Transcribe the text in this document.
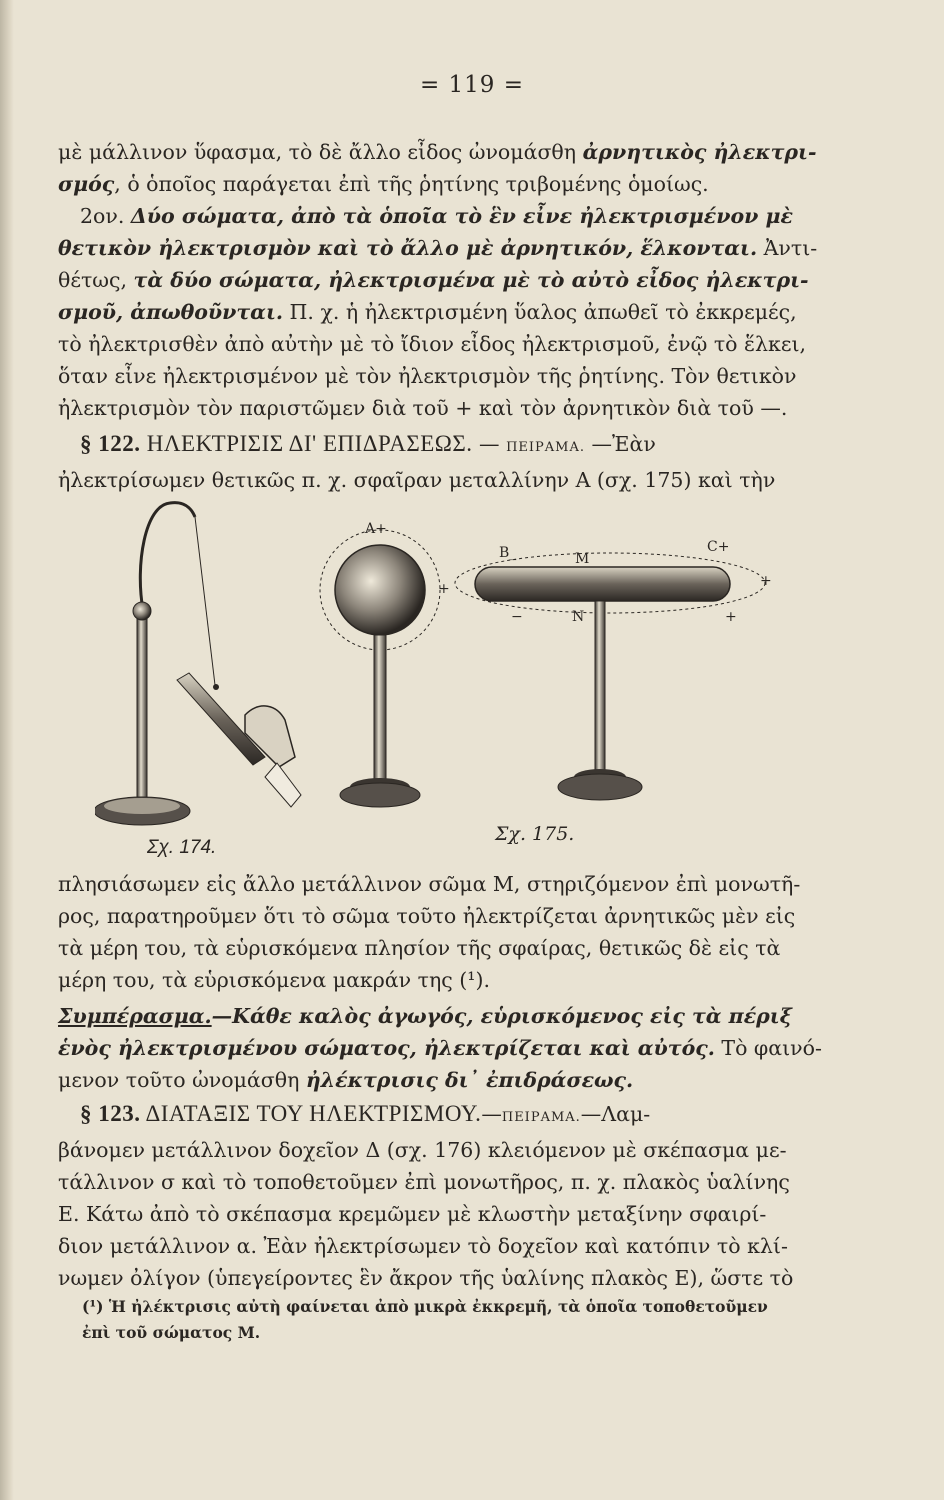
= 119 =
μὲ μάλλινον ὕφασμα, τὸ δὲ ἄλλο εἶδος ὠνομάσθη ἀρνητικὸς ἠλεκτρι-
σμός, ὁ ὁποῖος παράγεται ἐπὶ τῆς ῥητίνης τριβομένης ὁμοίως.
2ον. Δύο σώματα, ἀπὸ τὰ ὁποῖα τὸ ἓν εἶνε ἠλεκτρισμένον μὲ
θετικὸν ἠλεκτρισμὸν καὶ τὸ ἄλλο μὲ ἀρνητικόν, ἕλκονται. Ἀντι-
θέτως, τὰ δύο σώματα, ἠλεκτρισμένα μὲ τὸ αὐτὸ εἶδος ἠλεκτρι-
σμοῦ, ἀπωθοῦνται. Π. χ. ἡ ἠλεκτρισμένη ὕαλος ἀπωθεῖ τὸ ἐκκρεμές,
τὸ ἠλεκτρισθὲν ἀπὸ αὐτὴν μὲ τὸ ἴδιον εἶδος ἠλεκτρισμοῦ, ἐνῷ τὸ ἕλκει,
ὅταν εἶνε ἠλεκτρισμένον μὲ τὸν ἠλεκτρισμὸν τῆς ῥητίνης. Τὸν θετικὸν
ἠλεκτρισμὸν τὸν παριστῶμεν διὰ τοῦ + καὶ τὸν ἀρνητικὸν διὰ τοῦ —.
§ 122. ΗΛΕΚΤΡΙΣΙΣ ΔΙ' ΕΠΙΔΡΑΣΕΩΣ. — ΠΕΙΡΑΜΑ. —Ἐὰν
ἠλεκτρίσωμεν θετικῶς π. χ. σφαῖραν μεταλλίνην Α (σχ. 175) καὶ τὴν
Σχ. 174.
A+
+
B_	M
C+
N
+
+
−
Σχ. 175.
πλησιάσωμεν εἰς ἄλλο μετάλλινον σῶμα Μ, στηριζόμενον ἐπὶ μονωτῆ-
ρος, παρατηροῦμεν ὅτι τὸ σῶμα τοῦτο ἠλεκτρίζεται ἀρνητικῶς μὲν εἰς
τὰ μέρη του, τὰ εὑρισκόμενα πλησίον τῆς σφαίρας, θετικῶς δὲ εἰς τὰ
μέρη του, τὰ εὑρισκόμενα μακράν της (¹).
Συμπέρασμα.—Κάθε καλὸς ἀγωγός, εὑρισκόμενος εἰς τὰ πέριξ
ἑνὸς ἠλεκτρισμένου σώματος, ἠλεκτρίζεται καὶ αὐτός. Τὸ φαινό-
μενον τοῦτο ὠνομάσθη ἠλέκτρισις δι᾽ ἐπιδράσεως.
§ 123. ΔΙΑΤΑΞΙΣ ΤΟΥ ΗΛΕΚΤΡΙΣΜΟΥ.—ΠΕΙΡΑΜΑ.—Λαμ-
βάνομεν μετάλλινον δοχεῖον Δ (σχ. 176) κλειόμενον μὲ σκέπασμα με-
τάλλινον σ καὶ τὸ τοποθετοῦμεν ἐπὶ μονωτῆρος, π. χ. πλακὸς ὑαλίνης
Ε. Κάτω ἀπὸ τὸ σκέπασμα κρεμῶμεν μὲ κλωστὴν μεταξίνην σφαιρί-
διον μετάλλινον α. Ἐὰν ἠλεκτρίσωμεν τὸ δοχεῖον καὶ κατόπιν τὸ κλί-
νωμεν ὀλίγον (ὑπεγείροντες ἓν ἄκρον τῆς ὑαλίνης πλακὸς Ε), ὥστε τὸ
(¹) Ἡ ἠλέκτρισις αὐτὴ φαίνεται ἀπὸ μικρὰ ἐκκρεμῆ, τὰ ὁποῖα τοποθετοῦμεν
ἐπὶ τοῦ σώματος Μ.
